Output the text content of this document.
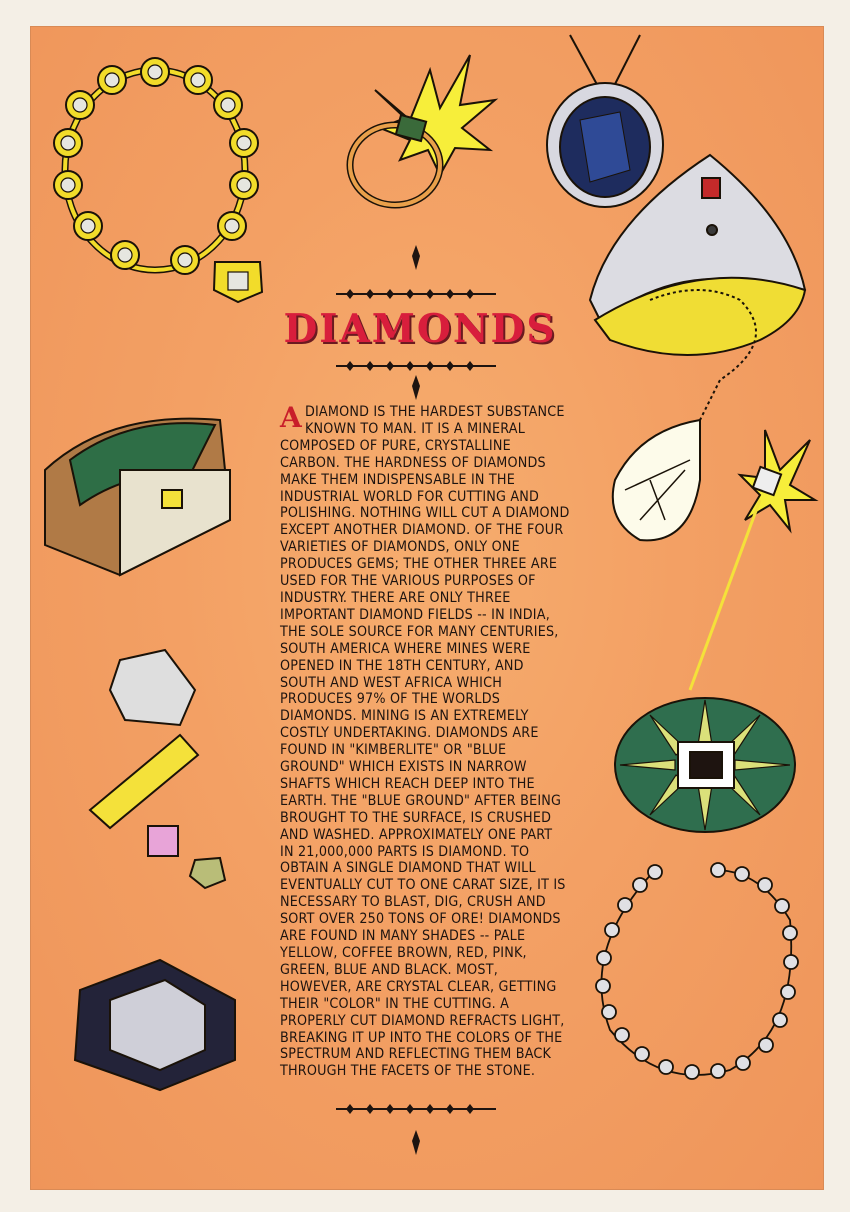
DIAMONDS

ADIAMOND IS THE HARDEST SUBSTANCE KNOWN TO MAN. IT IS A MINERAL COMPOSED OF PURE, CRYSTALLINE CARBON. THE HARDNESS OF DIAMONDS MAKE THEM INDISPENSABLE IN THE INDUSTRIAL WORLD FOR CUTTING AND POLISHING. NOTHING WILL CUT A DIAMOND EXCEPT ANOTHER DIAMOND. OF THE FOUR VARIETIES OF DIAMONDS, ONLY ONE PRODUCES GEMS; THE OTHER THREE ARE USED FOR THE VARIOUS PURPOSES OF INDUSTRY. THERE ARE ONLY THREE IMPORTANT DIAMOND FIELDS -- IN INDIA, THE SOLE SOURCE FOR MANY CENTURIES, SOUTH AMERICA WHERE MINES WERE OPENED IN THE 18TH CENTURY, AND SOUTH AND WEST AFRICA WHICH PRODUCES 97% OF THE WORLDS DIAMONDS. MINING IS AN EXTREMELY COSTLY UNDERTAKING. DIAMONDS ARE FOUND IN "KIMBERLITE" OR "BLUE GROUND" WHICH EXISTS IN NARROW SHAFTS WHICH REACH DEEP INTO THE EARTH. THE "BLUE GROUND" AFTER BEING BROUGHT TO THE SURFACE, IS CRUSHED AND WASHED. APPROXIMATELY ONE PART IN 21,000,000 PARTS IS DIAMOND. TO OBTAIN A SINGLE DIAMOND THAT WILL EVENTUALLY CUT TO ONE CARAT SIZE, IT IS NECESSARY TO BLAST, DIG, CRUSH AND SORT OVER 250 TONS OF ORE! DIAMONDS ARE FOUND IN MANY SHADES -- PALE YELLOW, COFFEE BROWN, RED, PINK, GREEN, BLUE AND BLACK. MOST, HOWEVER, ARE CRYSTAL CLEAR, GETTING THEIR "COLOR" IN THE CUTTING. A PROPERLY CUT DIAMOND REFRACTS LIGHT, BREAKING IT UP INTO THE COLORS OF THE SPECTRUM AND REFLECTING THEM BACK THROUGH THE FACETS OF THE STONE.
